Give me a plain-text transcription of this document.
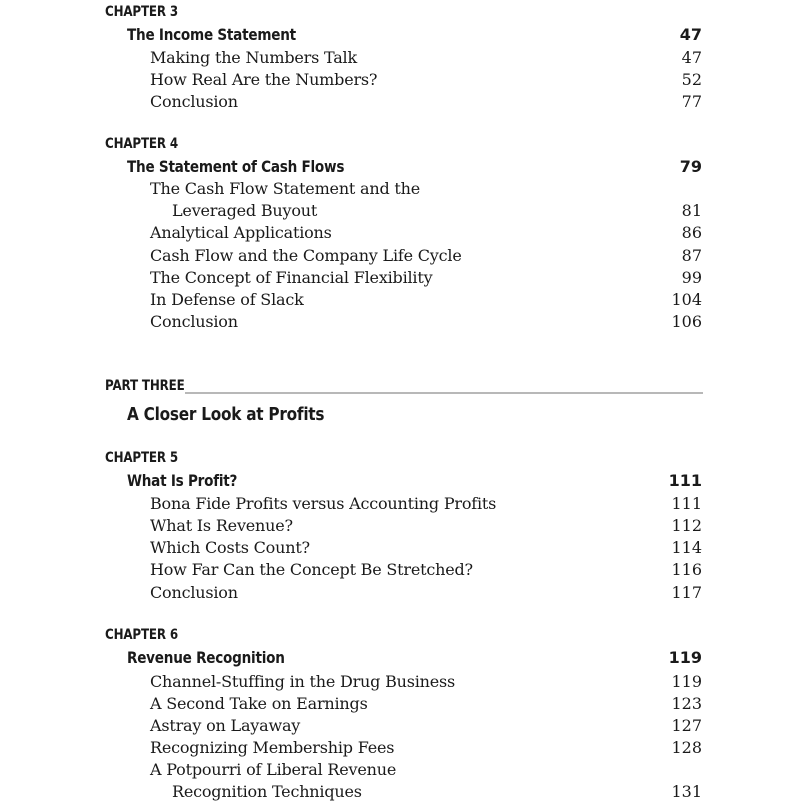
CHAPTER 3
The Income Statement	47
Making the Numbers Talk	47
How Real Are the Numbers?	52
Conclusion	77
CHAPTER 4
The Statement of Cash Flows	79
The Cash Flow Statement and the
Leveraged Buyout	81
Analytical Applications	86
Cash Flow and the Company Life Cycle	87
The Concept of Financial Flexibility	99
In Defense of Slack	104
Conclusion	106
PART THREE
A Closer Look at Profits
CHAPTER 5
What Is Profit?	111
Bona Fide Profits versus Accounting Profits	111
What Is Revenue?	112
Which Costs Count?	114
How Far Can the Concept Be Stretched?	116
Conclusion	117
CHAPTER 6
Revenue Recognition	119
Channel-Stuffing in the Drug Business	119
A Second Take on Earnings	123
Astray on Layaway	127
Recognizing Membership Fees	128
A Potpourri of Liberal Revenue
Recognition Techniques	131
